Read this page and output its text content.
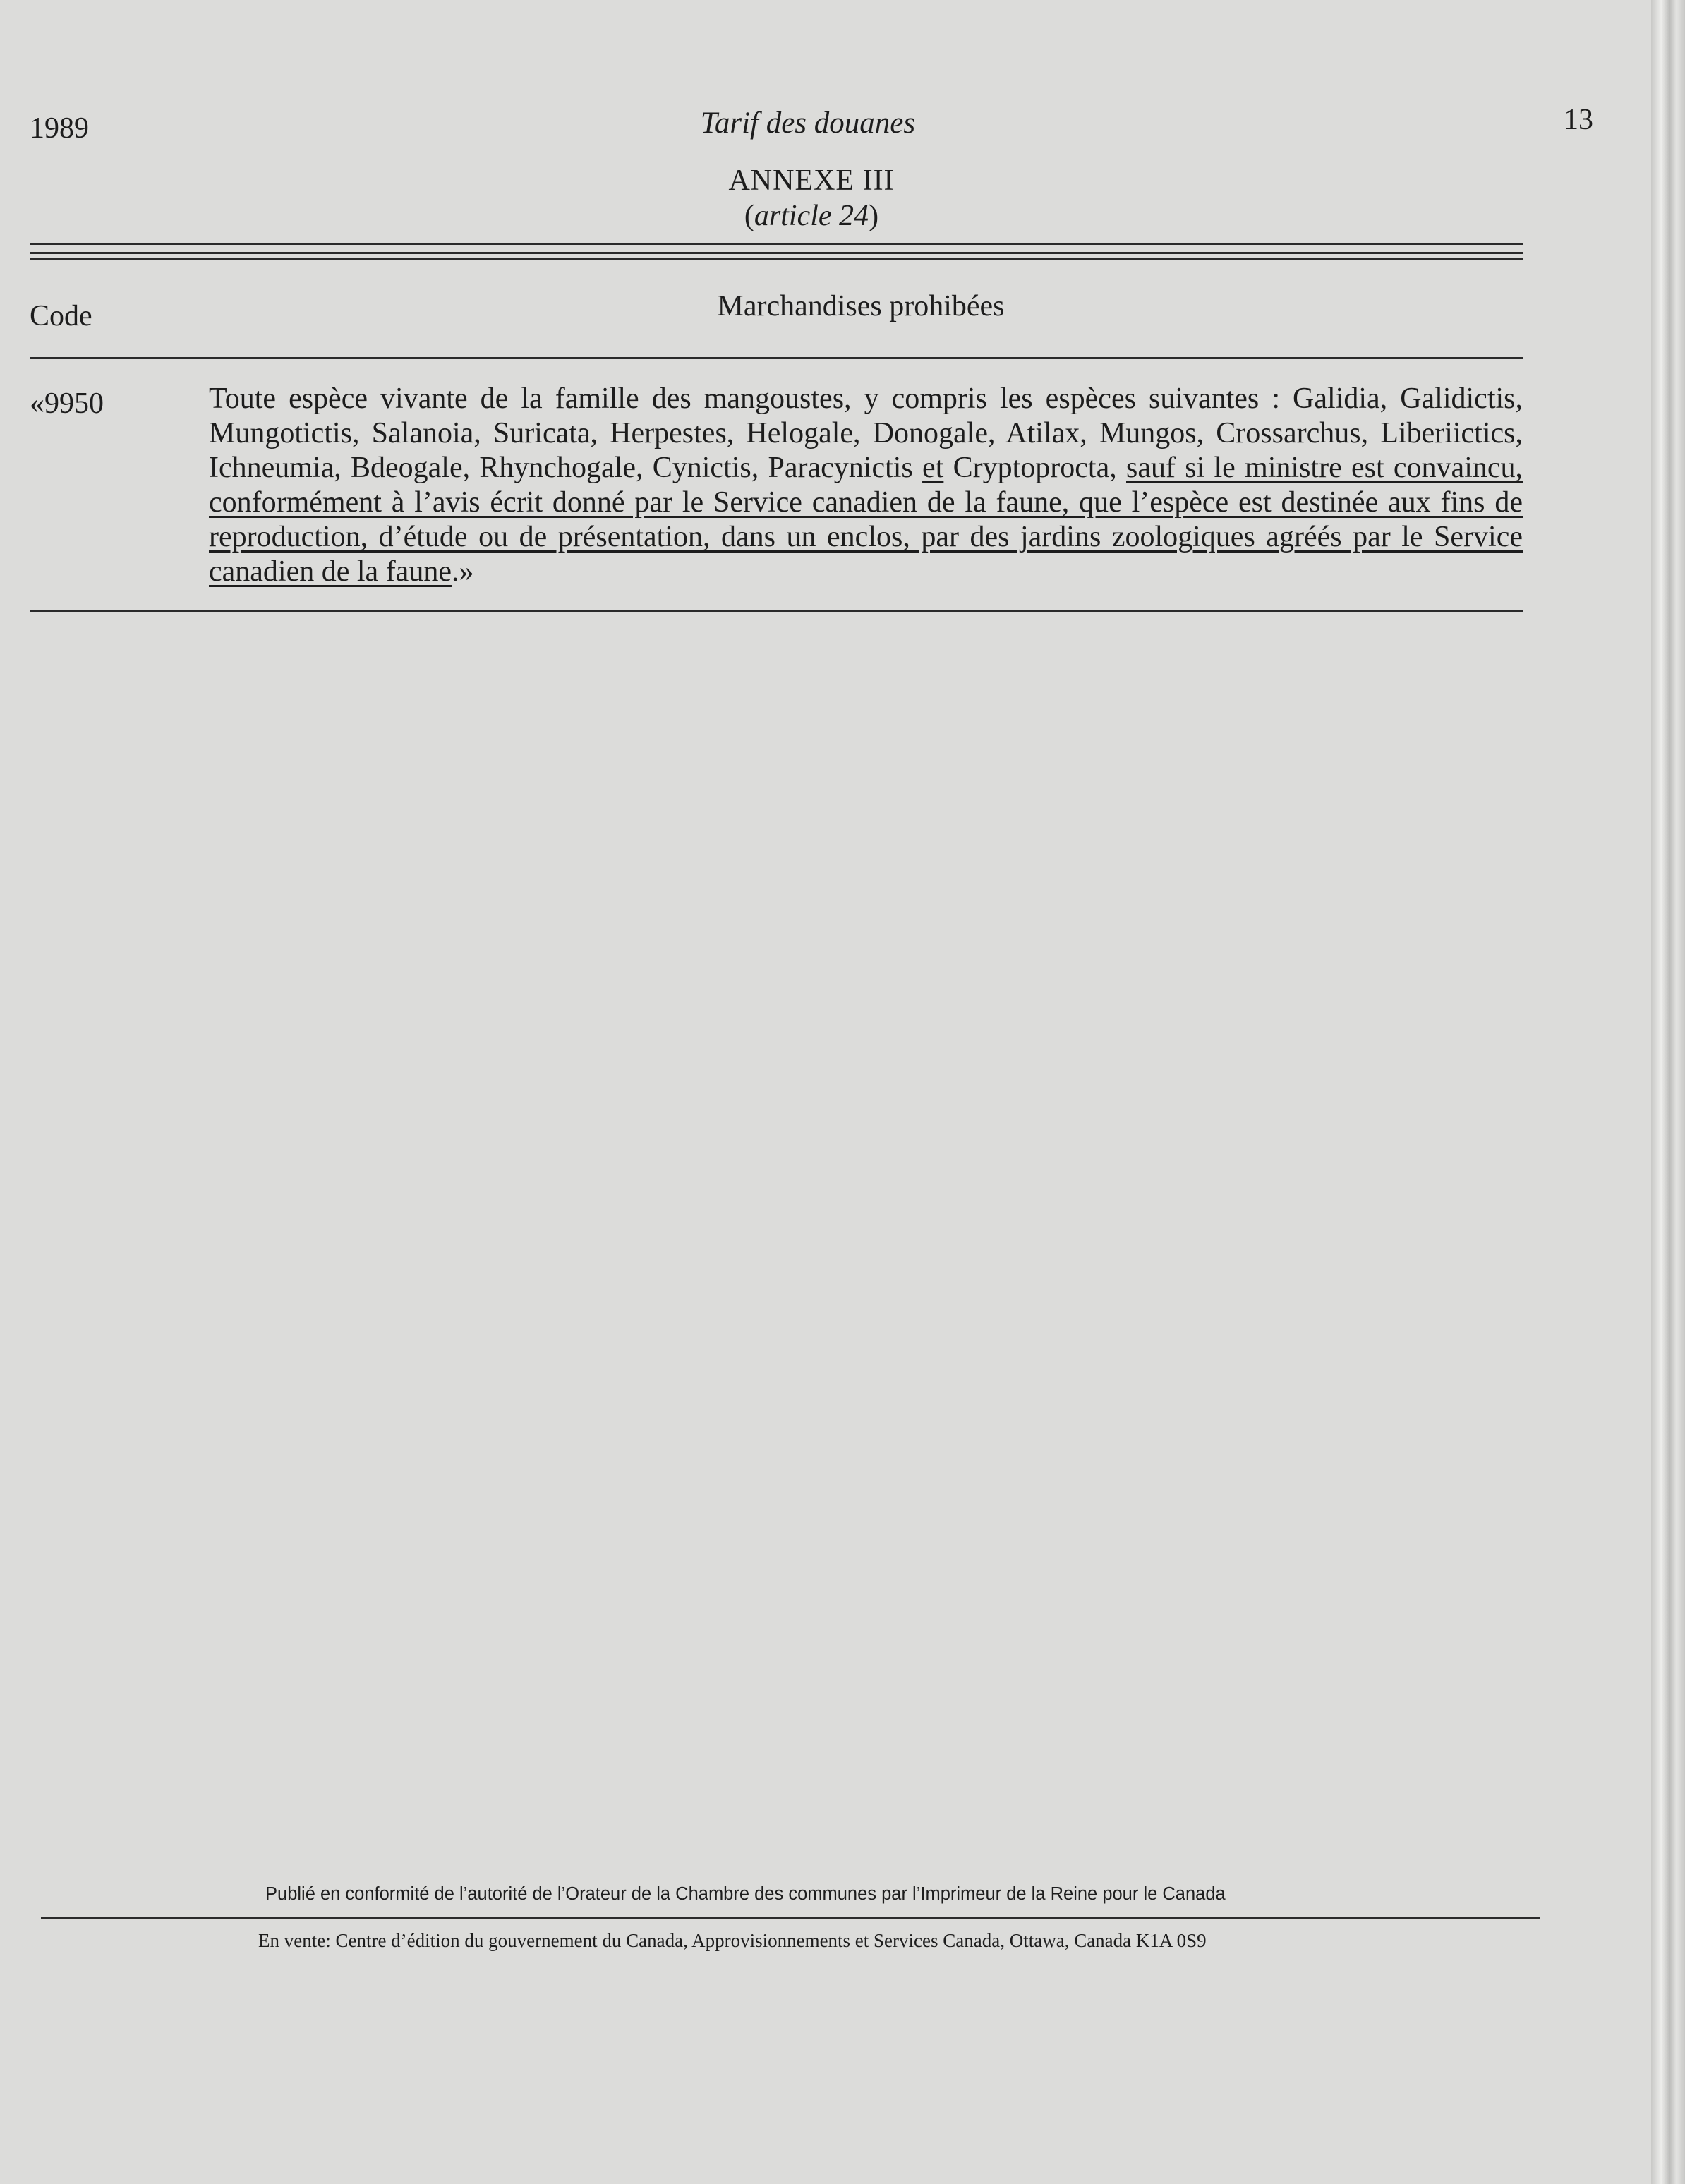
1989	Tarif des douanes	13
ANNEXE III
(article 24)
Code	Marchandises prohibées
«9950	Toute espèce vivante de la famille des mangoustes, y compris les espèces suivantes : Galidia, Galidictis, Mungotictis, Salanoia, Suricata, Herpestes, Helogale, Donogale, Atilax, Mungos, Crossarchus, Liberiictics, Ichneumia, Bdeogale, Rhynchogale, Cynictis, Paracynictis et Cryptoprocta, sauf si le ministre est convaincu, conformément à l’avis écrit donné par le Service canadien de la faune, que l’espèce est destinée aux fins de reproduction, d’étude ou de présentation, dans un enclos, par des jardins zoologiques agréés par le Service canadien de la faune.»
Publié en conformité de l’autorité de l’Orateur de la Chambre des communes par l’Imprimeur de la Reine pour le Canada
En vente: Centre d’édition du gouvernement du Canada, Approvisionnements et Services Canada, Ottawa, Canada K1A 0S9
